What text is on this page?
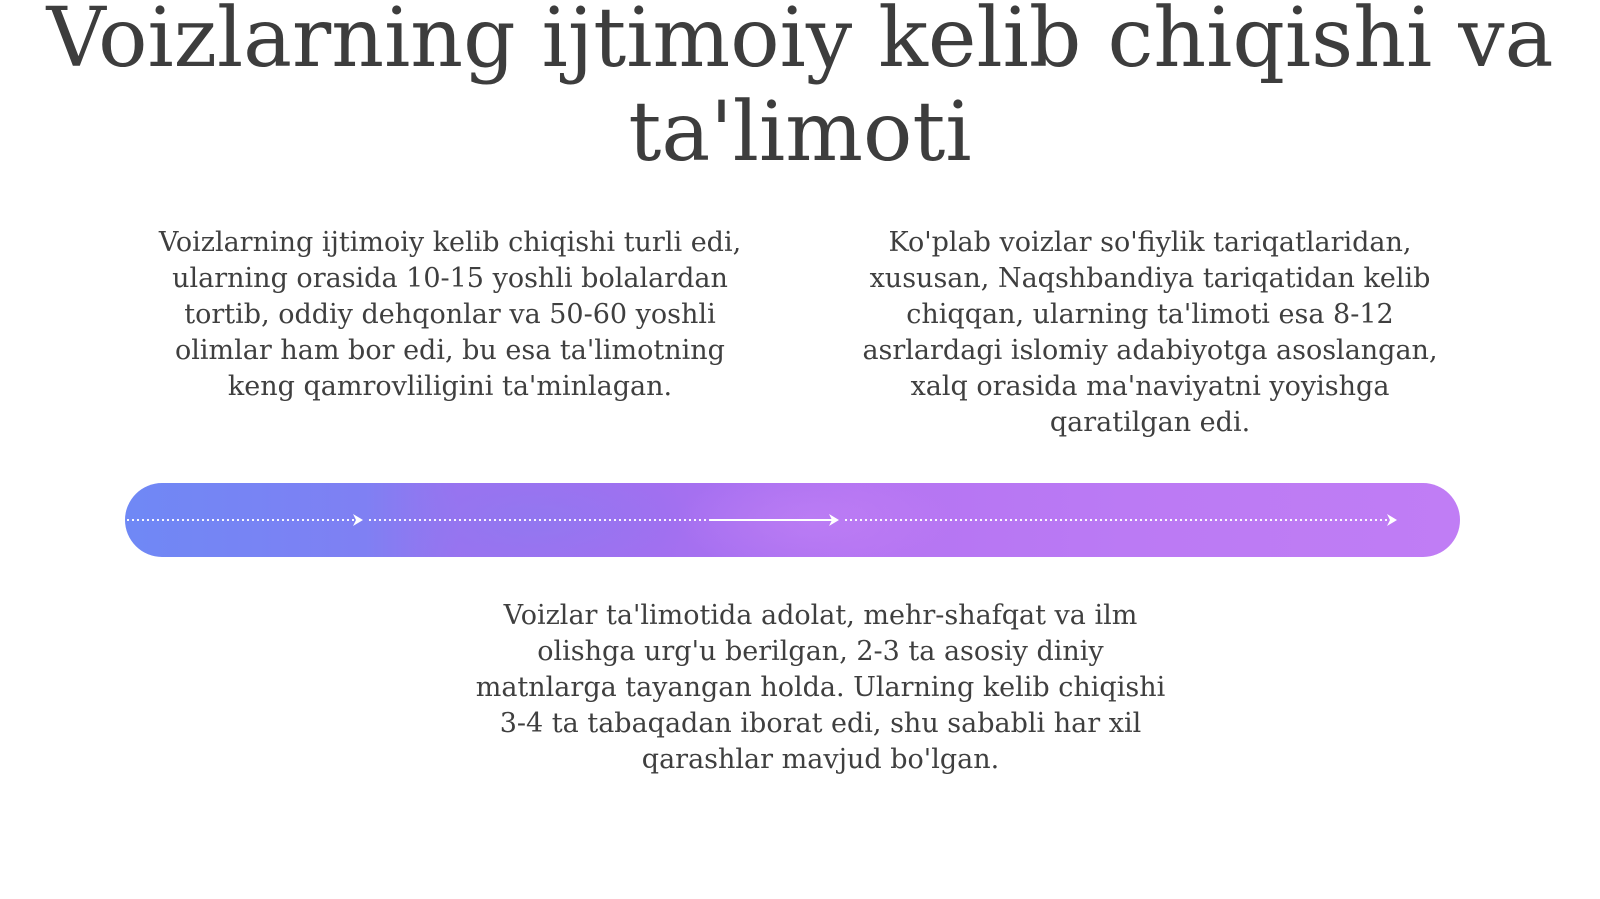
Voizlarning ijtimoiy kelib chiqishi va ta'limoti

Voizlarning ijtimoiy kelib chiqishi turli edi, ularning orasida 10-15 yoshli bolalardan tortib, oddiy dehqonlar va 50-60 yoshli olimlar ham bor edi, bu esa ta'limotning keng qamrovliligini ta'minlagan.

Ko'plab voizlar so'fiylik tariqatlaridan, xususan, Naqshbandiya tariqatidan kelib chiqqan, ularning ta'limoti esa 8-12 asrlardagi islomiy adabiyotga asoslangan, xalq orasida ma'naviyatni yoyishga qaratilgan edi.

Voizlar ta'limotida adolat, mehr-shafqat va ilm olishga urg'u berilgan, 2-3 ta asosiy diniy matnlarga tayangan holda. Ularning kelib chiqishi 3-4 ta tabaqadan iborat edi, shu sababli har xil qarashlar mavjud bo'lgan.
